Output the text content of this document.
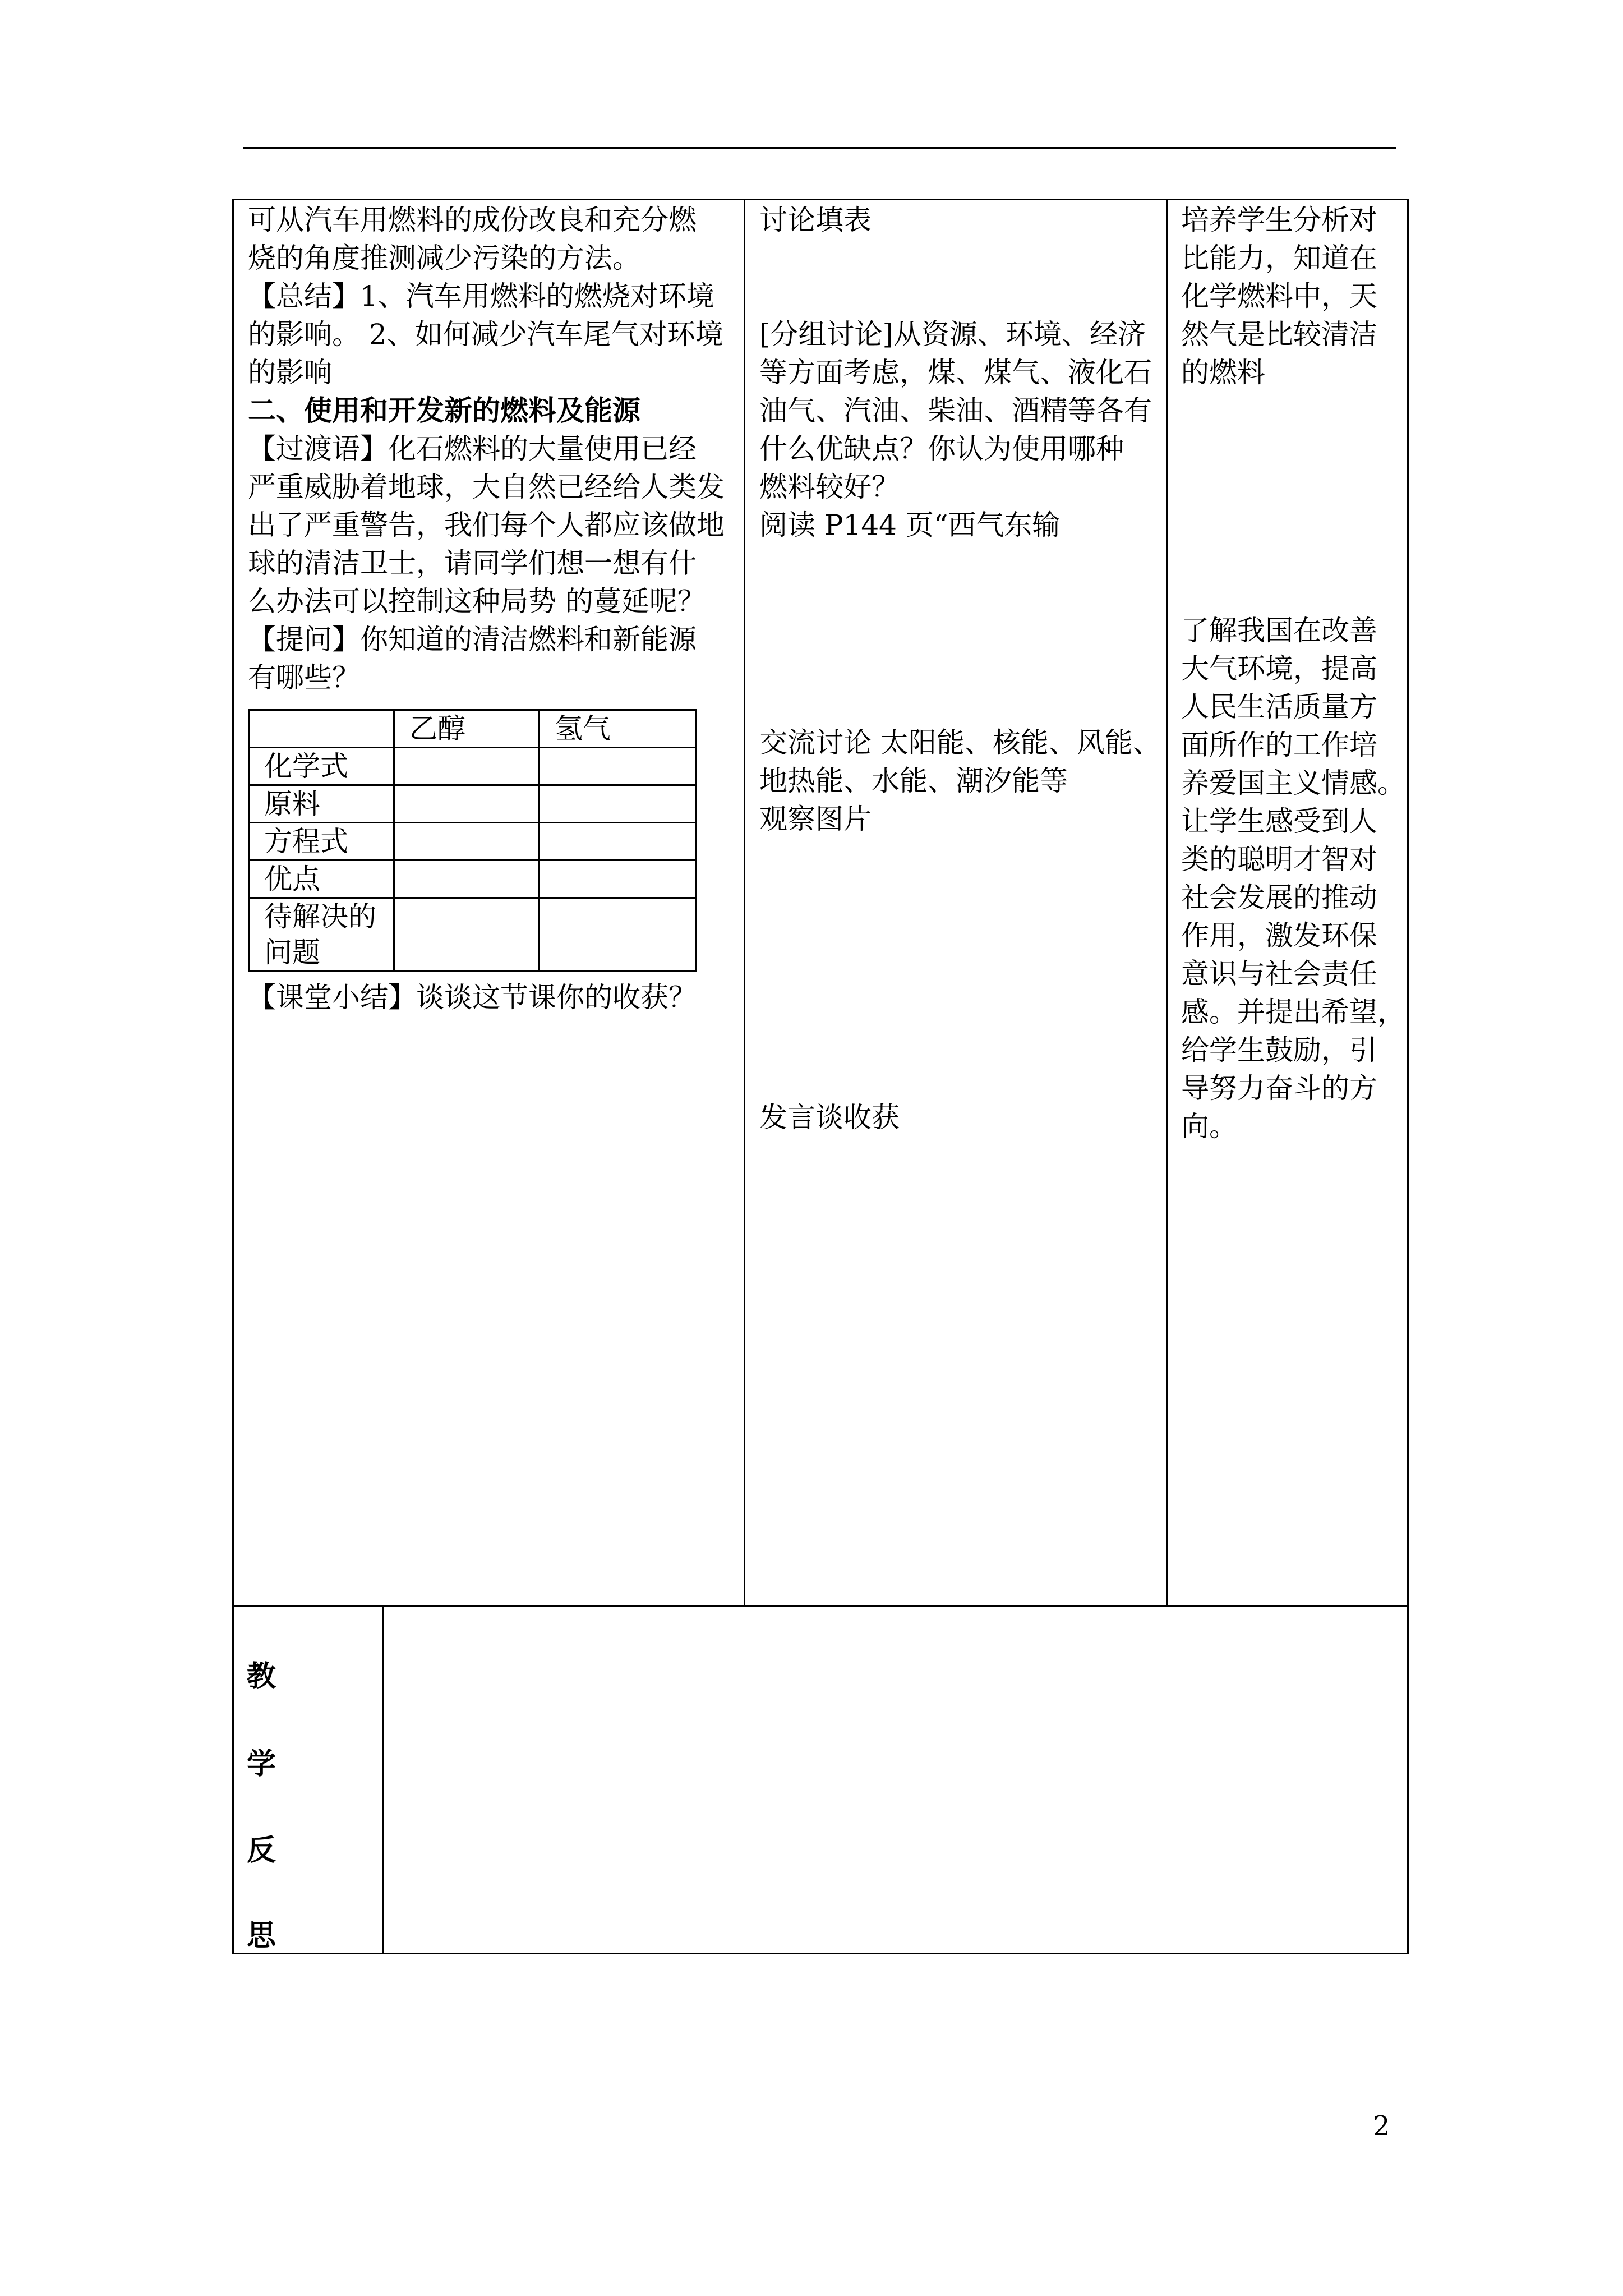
可从汽车用燃料的成份改良和充分燃

烧的角度推测减少污染的方法。

【总结】1、汽车用燃料的燃烧对环境

的影响。 2、如何减少汽车尾气对环境

的影响

二、使用和开发新的燃料及能源

【过渡语】化石燃料的大量使用已经

严重威胁着地球，大自然已经给人类发

出了严重警告，我们每个人都应该做地

球的清洁卫士，请同学们想一想有什

么办法可以控制这种局势 的蔓延呢？

【提问】你知道的清洁燃料和新能源

有哪些？

	乙醇	氢气
化学式		
原料		
方程式		
优点		
待解决的
问题		

【课堂小结】谈谈这节课你的收获？

讨论填表

[分组讨论]从资源、环境、经济

等方面考虑，煤、煤气、液化石

油气、汽油、柴油、酒精等各有

什么优缺点？你认为使用哪种

燃料较好？

阅读 P144 页“西气东输

交流讨论 太阳能、核能、风能、

地热能、水能、潮汐能等

观察图片

发言谈收获

培养学生分析对

比能力，知道在

化学燃料中，天

然气是比较清洁

的燃料

了解我国在改善

大气环境，提高

人民生活质量方

面所作的工作培

养爱国主义情感。

让学生感受到人

类的聪明才智对

社会发展的推动

作用，激发环保

意识与社会责任

感。并提出希望，

给学生鼓励，引

导努力奋斗的方

向。

教
学
反
思
2
